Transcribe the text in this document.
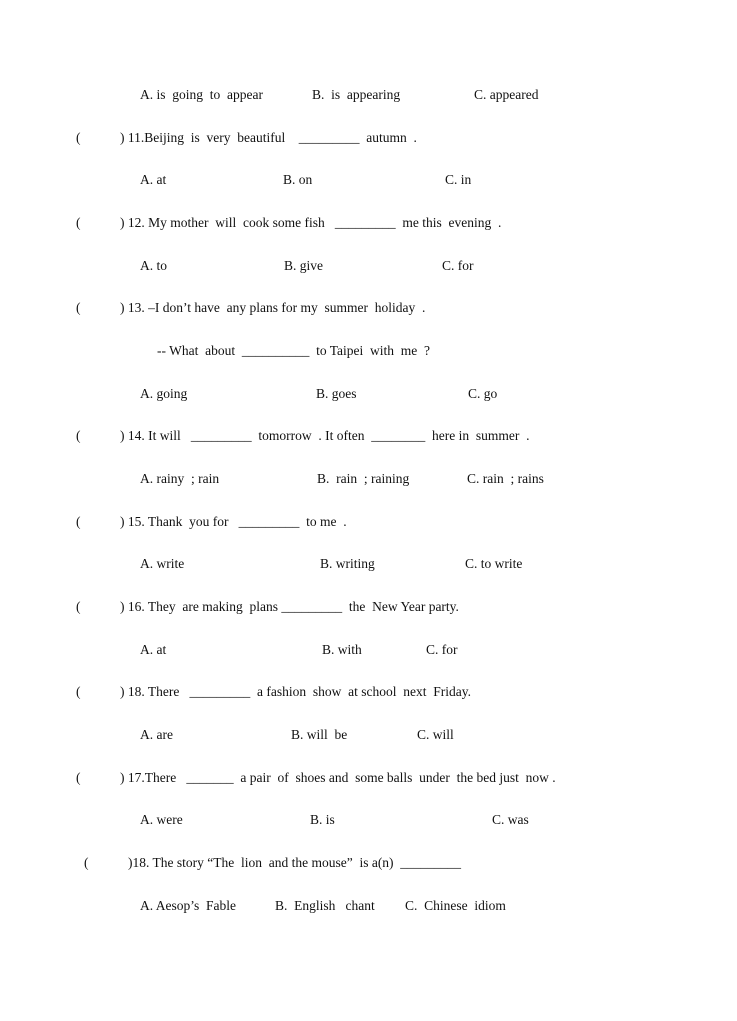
A. is  going  to  appear	B.  is  appearing	C. appeared
(	) 11.Beijing  is  very  beautiful    _________  autumn  .
A. at	B. on	C. in
(	) 12. My mother  will  cook some fish   _________  me this  evening  .
A. to	B. give	C. for
(	) 13. –I don’t have  any plans for my  summer  holiday  .
-- What  about  __________  to Taipei  with  me  ?
A. going	B. goes	C. go
(	) 14. It will   _________  tomorrow  . It often  ________  here in  summer  .
A. rainy  ; rain	B.  rain  ; raining	C. rain  ; rains
(	) 15. Thank  you for   _________  to me  .
A. write	B. writing	C. to write
(	) 16. They  are making  plans _________  the  New Year party.
A. at	B. with	C. for
(	) 18. There   _________  a fashion  show  at school  next  Friday.
A. are	B. will  be	C. will
(	) 17.There   _______  a pair  of  shoes and  some balls  under  the bed just  now .
A. were	B. is	C. was
(	)18. The story “The  lion  and the mouse”  is a(n)  _________
A. Aesop’s  Fable	B.  English   chant C.  Chinese  idiom
